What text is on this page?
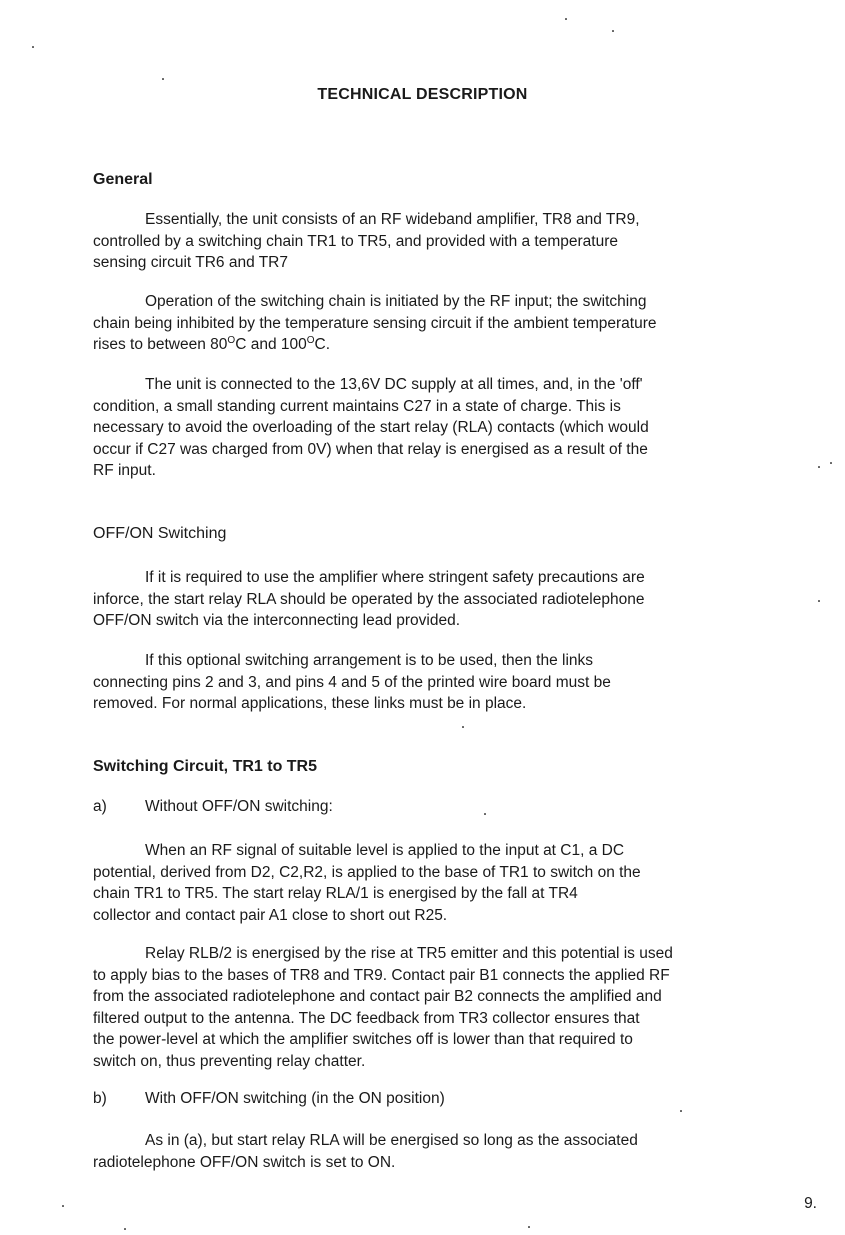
TECHNICAL DESCRIPTION
General
Essentially, the unit consists of an RF wideband amplifier, TR8 and TR9,
controlled by a switching chain TR1 to TR5, and provided with a temperature
sensing circuit TR6 and TR7
Operation of the switching chain is initiated by the RF input; the switching
chain being inhibited by the temperature sensing circuit if the ambient temperature
rises to between $80^OC$ and $100^OC$.
The unit is connected to the 13,6V DC supply at all times, and, in the 'off'
condition, a small standing current maintains C27 in a state of charge. This is
necessary to avoid the overloading of the start relay (RLA) contacts (which would
occur if C27 was charged from 0V) when that relay is energised as a result of the
RF input.
OFF/ON Switching
If it is required to use the amplifier where stringent safety precautions are
inforce, the start relay RLA should be operated by the associated radiotelephone
OFF/ON switch via the interconnecting lead provided.
If this optional switching arrangement is to be used, then the links
connecting pins 2 and 3, and pins 4 and 5 of the printed wire board must be
removed. For normal applications, these links must be in place.
Switching Circuit, TR1 to TR5
a) Without OFF/ON switching:
When an RF signal of suitable level is applied to the input at C1, a DC
potential, derived from D2, C2,R2, is applied to the base of TR1 to switch on the
chain TR1 to TR5. The start relay RLA/1 is energised by the fall at TR4
collector and contact pair A1 close to short out R25.
Relay RLB/2 is energised by the rise at TR5 emitter and this potential is used
to apply bias to the bases of TR8 and TR9. Contact pair B1 connects the applied RF
from the associated radiotelephone and contact pair B2 connects the amplified and
filtered output to the antenna. The DC feedback from TR3 collector ensures that
the power-level at which the amplifier switches off is lower than that required to
switch on, thus preventing relay chatter.
b) With OFF/ON switching (in the ON position)
As in (a), but start relay RLA will be energised so long as the associated
radiotelephone OFF/ON switch is set to ON.
9.
